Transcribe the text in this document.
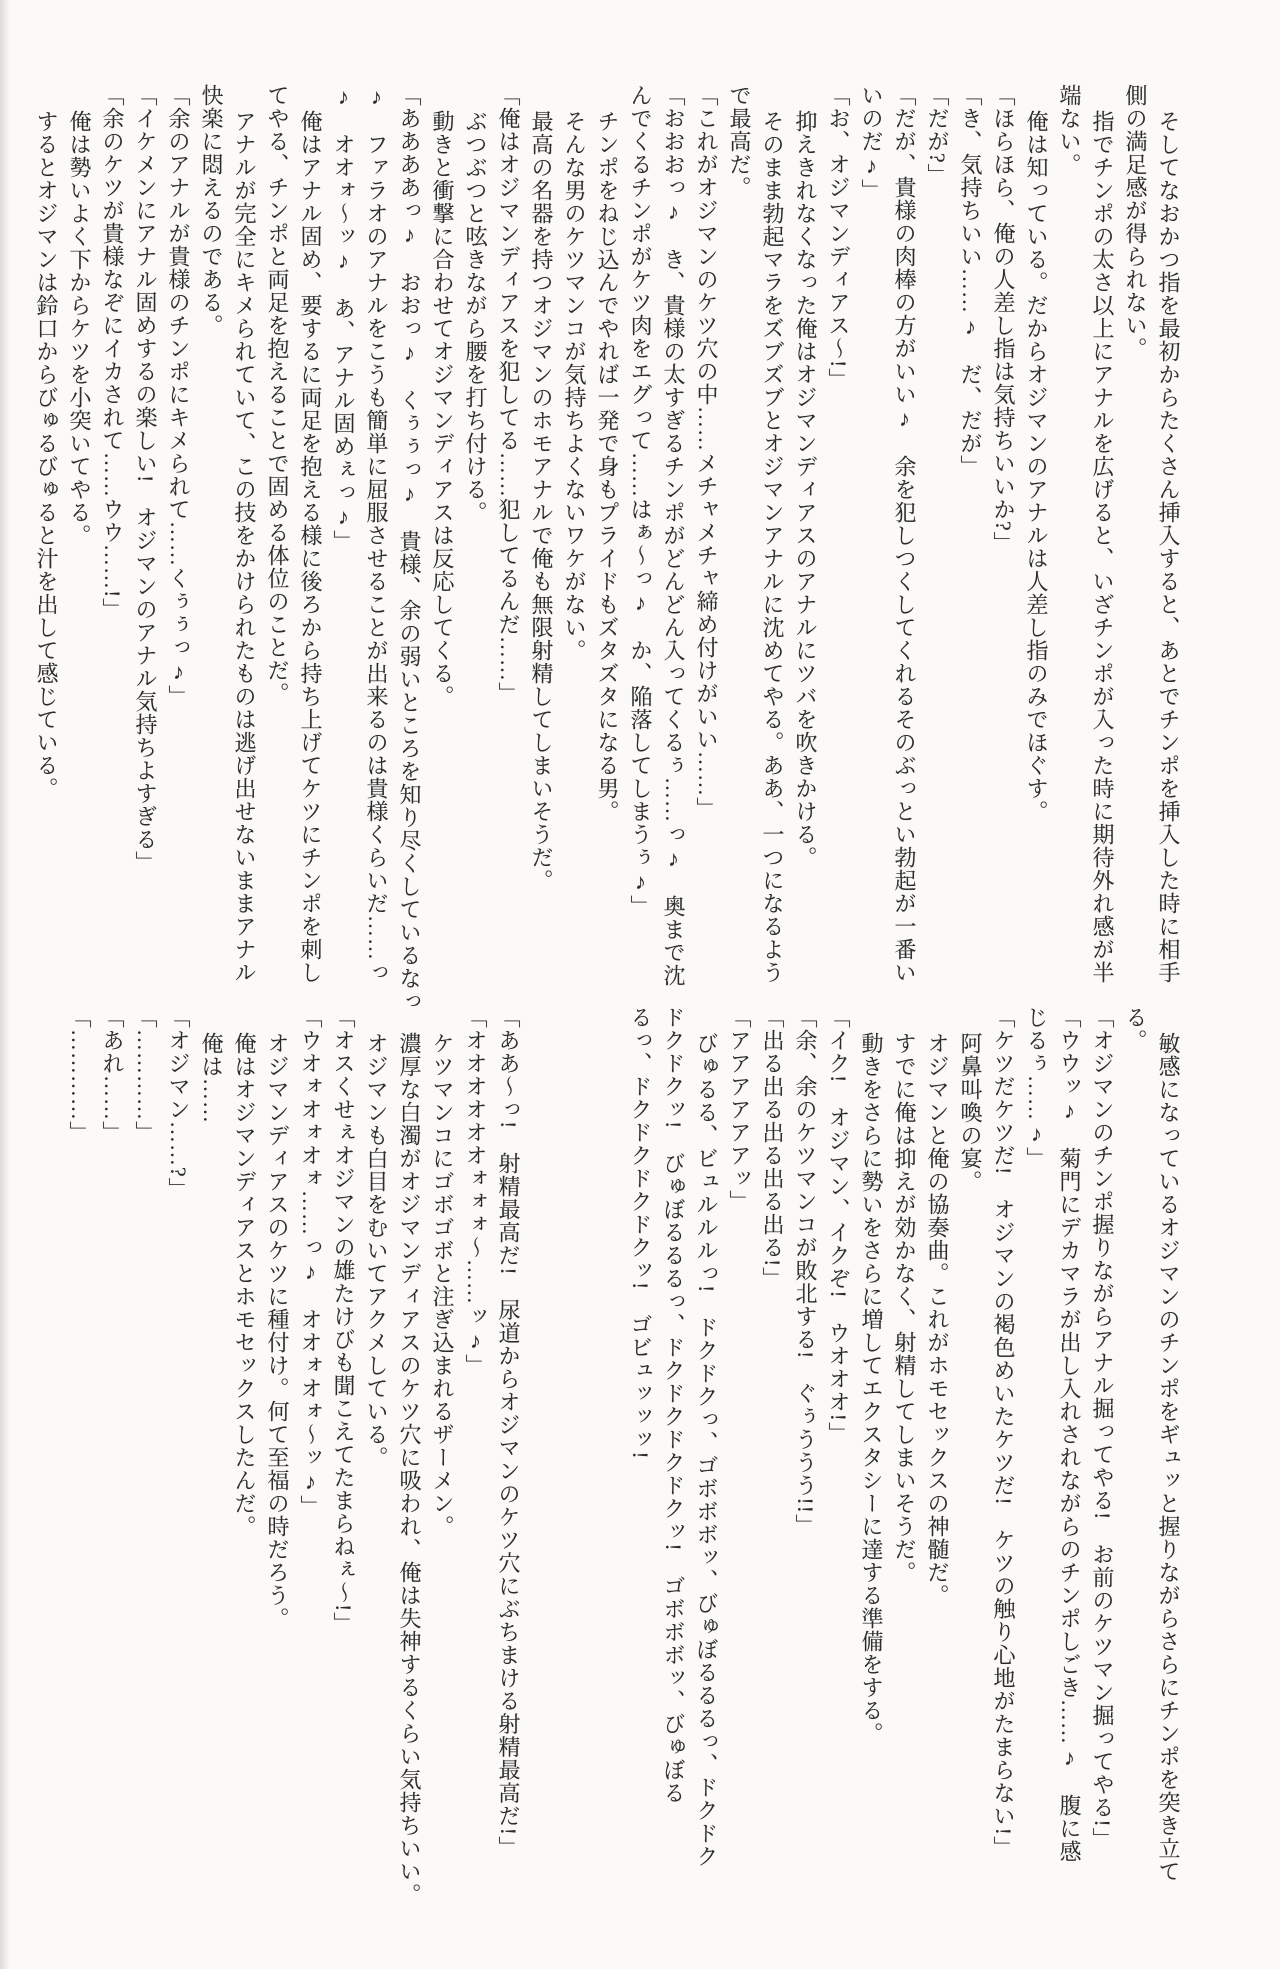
そしてなおかつ指を最初からたくさん挿入すると、あとでチンポを挿入した時に相手
側の満足感が得られない。
指でチンポの太さ以上にアナルを広げると、いざチンポが入った時に期待外れ感が半
端ない。
俺は知っている。だからオジマンのアナルは人差し指のみでほぐす。
「ほらほら、俺の人差し指は気持ちいいか?」
「き、気持ちいい……♪　だ、だが」
「だが?」
「だが、貴様の肉棒の方がいい♪　余を犯しつくしてくれるそのぶっとい勃起が一番い
いのだ♪」
「お、オジマンディアス〜!」
抑えきれなくなった俺はオジマンディアスのアナルにツバを吹きかける。
そのまま勃起マラをズブズブとオジマンアナルに沈めてやる。ああ、一つになるよう
で最高だ。
「これがオジマンのケツ穴の中……メチャメチャ締め付けがいい……」
「おおおっ♪　き、貴様の太すぎるチンポがどんどん入ってくるぅ……っ♪　奥まで沈
んでくるチンポがケツ肉をエグって……はぁ〜っ♪　か、陥落してしまうぅ♪」
チンポをねじ込んでやれば一発で身もプライドもズタズタになる男。
そんな男のケツマンコが気持ちよくないワケがない。
最高の名器を持つオジマンのホモアナルで俺も無限射精してしまいそうだ。
「俺はオジマンディアスを犯してる……犯してるんだ……」
ぶつぶつと呟きながら腰を打ち付ける。
動きと衝撃に合わせてオジマンディアスは反応してくる。
「ああああっ♪　おおっ♪　くぅぅっ♪　貴様、余の弱いところを知り尽くしているなっ
♪　ファラオのアナルをこうも簡単に屈服させることが出来るのは貴様くらいだ……っ
♪　オオォ〜ッ♪　あ、アナル固めぇっ♪」
俺はアナル固め、要するに両足を抱える様に後ろから持ち上げてケツにチンポを刺し
てやる、チンポと両足を抱えることで固める体位のことだ。
アナルが完全にキメられていて、この技をかけられたものは逃げ出せないままアナル
快楽に悶えるのである。
「余のアナルが貴様のチンポにキメられて……くぅぅっ♪」
「イケメンにアナル固めするの楽しい!　オジマンのアナル気持ちよすぎる」
「余のケツが貴様なぞにイカされて……ウウ……!」
俺は勢いよく下からケツを小突いてやる。
するとオジマンは鈴口からびゅるびゅると汁を出して感じている。
敏感になっているオジマンのチンポをギュッと握りながらさらにチンポを突き立て
る。
「オジマンのチンポ握りながらアナル掘ってやる!　お前のケツマン掘ってやる!」
「ウウッ♪　菊門にデカマラが出し入れされながらのチンポしごき……♪　腹に感
じるぅ……♪」
「ケツだケツだ!　オジマンの褐色めいたケツだ!　ケツの触り心地がたまらない!」
阿鼻叫喚の宴。
オジマンと俺の協奏曲。これがホモセックスの神髄だ。
すでに俺は抑えが効かなく、射精してしまいそうだ。
動きをさらに勢いをさらに増してエクスタシーに達する準備をする。
「イク!　オジマン、イクぞ!　ウオオオ!」
「余、余のケツマンコが敗北する!　ぐぅううう!!」
「出る出る出る出る出る!」
「アアアアアアッ」
びゅるる、ビュルルルっ!　ドクドクっ、ゴボボボッ、びゅぼるるるっ、ドクドク
ドクドクッ!　びゅぼるるるっ、ドクドクドクドクッ!　ゴボボボッ、びゅぼる
るっ、ドクドクドクドクッ!　ゴビュッッッ!
「ああ〜っ!　射精最高だ!　尿道からオジマンのケツ穴にぶちまける射精最高だ!」
「オオオオオオォォォ〜……ッ♪」
ケツマンコにゴボゴボと注ぎ込まれるザーメン。
濃厚な白濁がオジマンディアスのケツ穴に吸われ、俺は失神するくらい気持ちいい。
オジマンも白目をむいてアクメしている。
「オスくせぇオジマンの雄たけびも聞こえてたまらねぇ〜!」
「ウオォオォオォ……っ♪　オオォオォ〜ッ♪」
オジマンディアスのケツに種付け。何て至福の時だろう。
俺はオジマンディアスとホモセックスしたんだ。
俺は……
「オジマン……?」
「…………」
「あれ……」
「…………」
